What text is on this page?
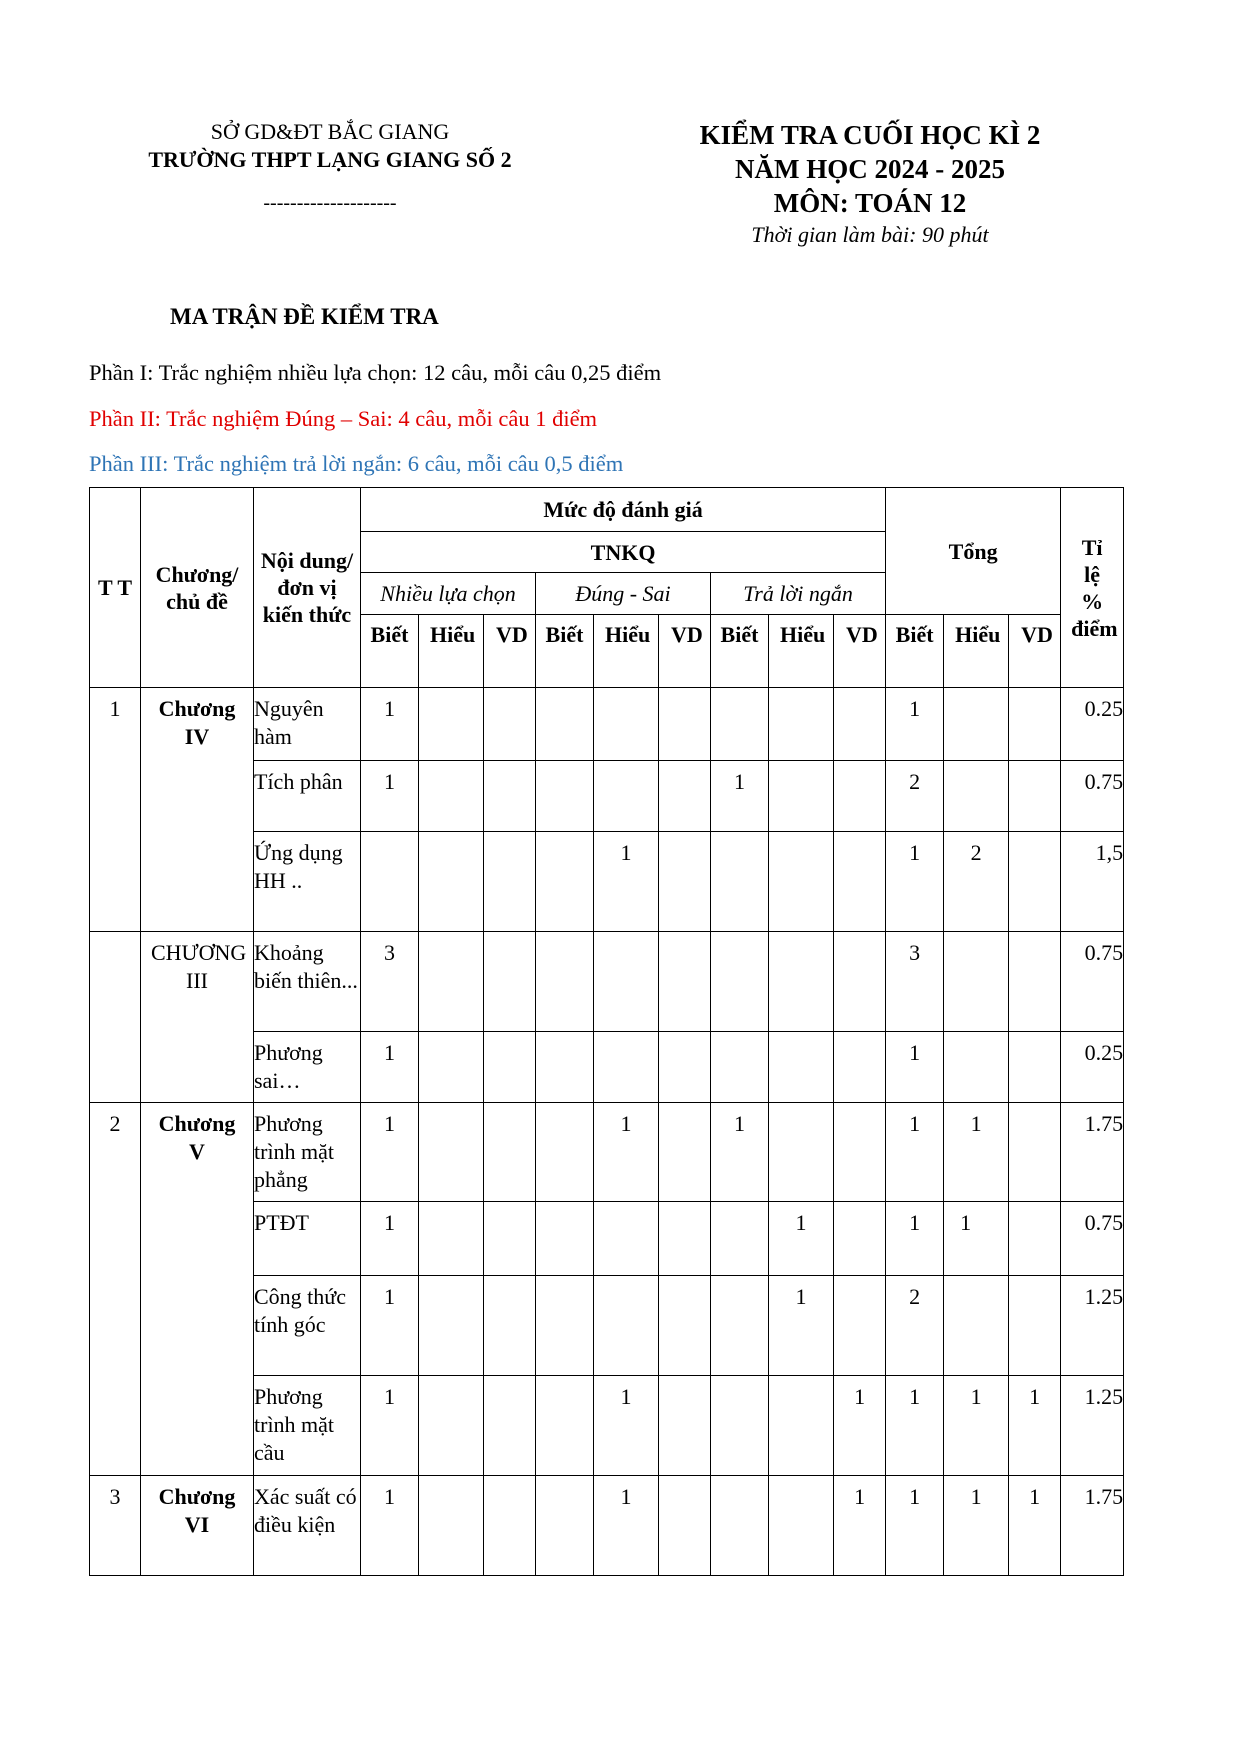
SỞ GD&ĐT BẮC GIANG
TRƯỜNG THPT LẠNG GIANG SỐ 2
--------------------
KIỂM TRA CUỐI HỌC KÌ 2
NĂM HỌC 2024 - 2025
MÔN: TOÁN 12
Thời gian làm bài: 90 phút
MA TRẬN ĐỀ KIỂM TRA
Phần I: Trắc nghiệm nhiều lựa chọn: 12 câu, mỗi câu 0,25 điểm
Phần II: Trắc nghiệm Đúng – Sai: 4 câu, mỗi câu 1 điểm
Phần III: Trắc nghiệm trả lời ngắn: 6 câu, mỗi câu 0,5 điểm
T T	Chương/ chủ đề	Nội dung/đơn vị kiến thức	Mức độ đánh giá									Tổng			Tỉ lệ % điểm
			TNKQ												
			Nhiều lựa chọn			Đúng - Sai			Trả lời ngắn						
			Biết	Hiểu	VD	Biết	Hiểu	VD	Biết	Hiểu	VD	Biết	Hiểu	VD	
1	Chương IV	Nguyên hàm	1									1			0.25
		Tích phân	1						1			2			0.75
		Ứng dụng HH ..					1					1	2		1,5
	CHƯƠNG III	Khoảng biến thiên...	3									3			0.75
		Phương sai…	1									1			0.25
2	Chương V	Phương trình mặt phẳng	1				1		1			1	1		1.75
		PTĐT	1							1		1	1		0.75
		Công thức tính góc	1							1		2			1.25
		Phương trình mặt cầu	1				1				1	1	1	1	1.25
3	Chương VI	Xác suất có điều kiện	1				1				1	1	1	1	1.75
